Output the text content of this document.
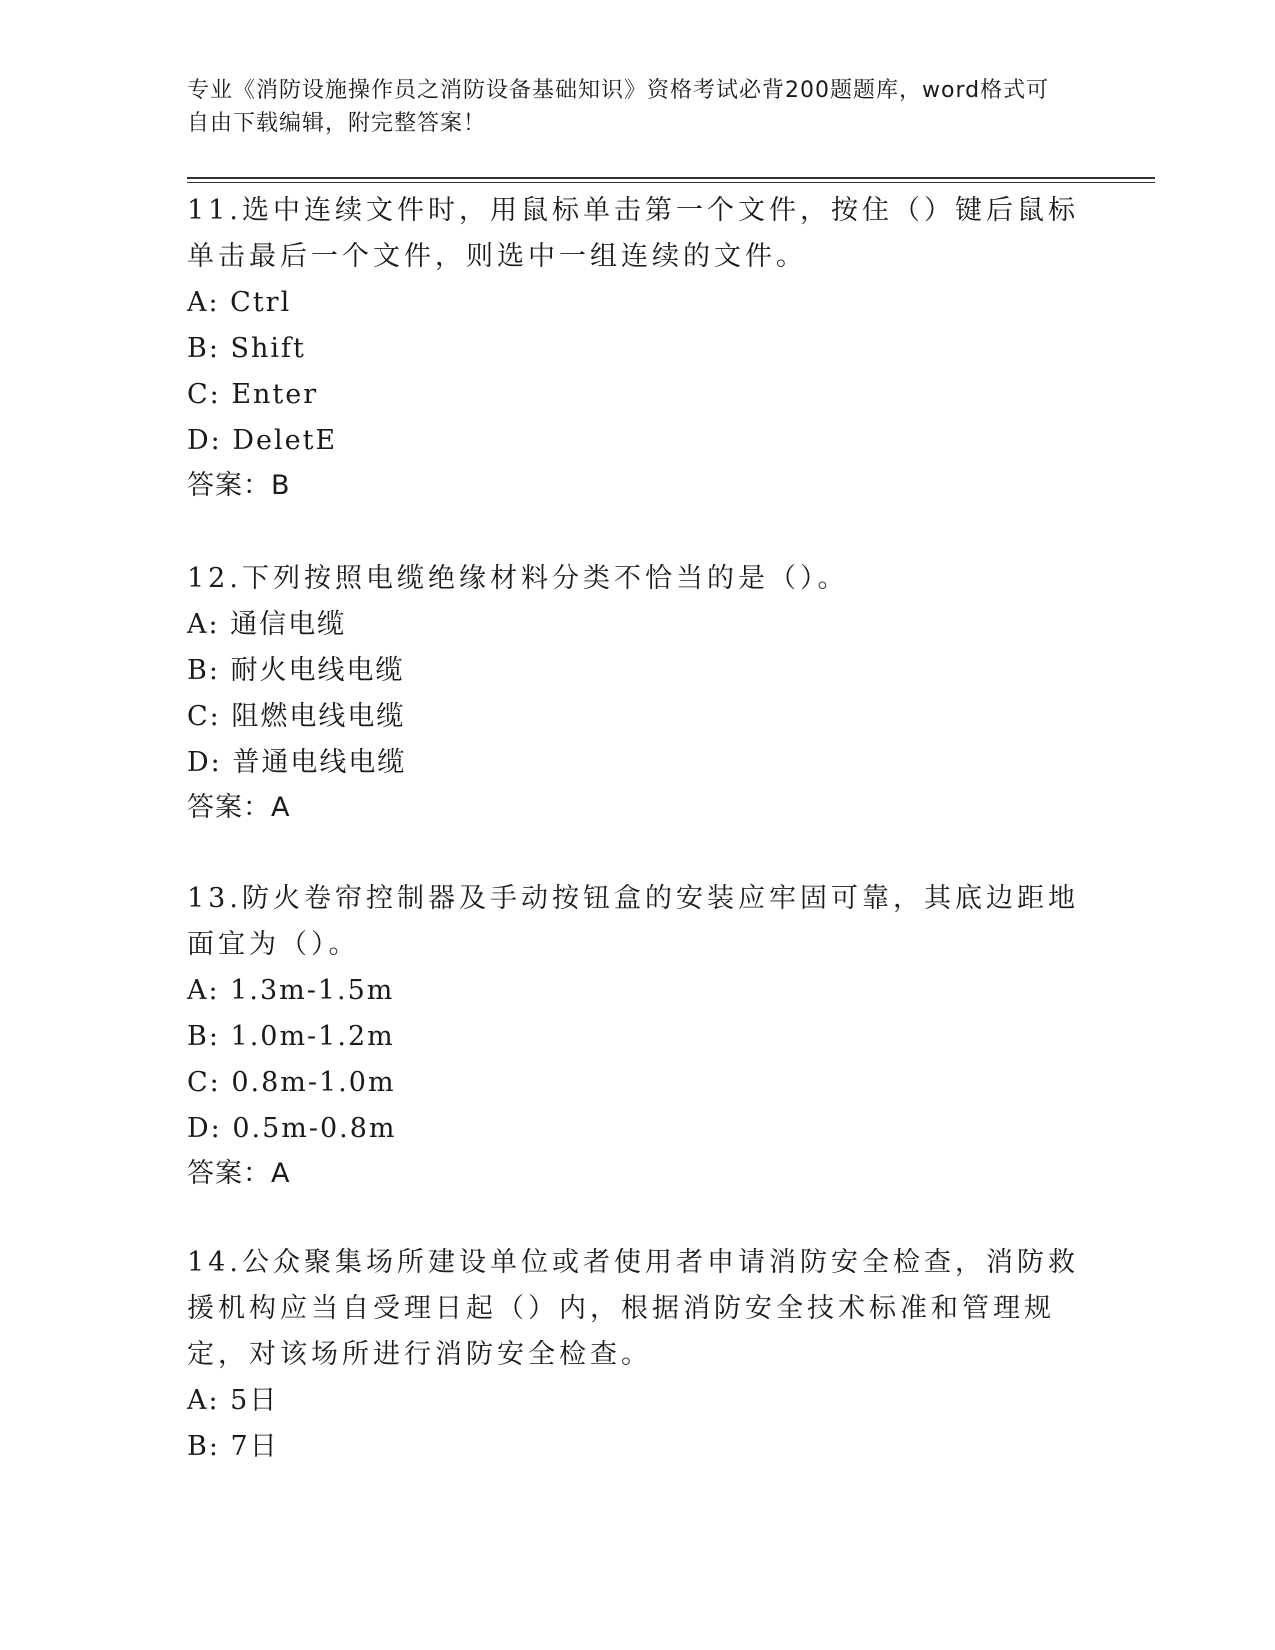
专业《消防设施操作员之消防设备基础知识》资格考试必背200题题库，word格式可自由下载编辑，附完整答案！

11.选中连续文件时，用鼠标单击第一个文件，按住（）键后鼠标单击最后一个文件，则选中一组连续的文件。

A: Ctrl

B: Shift

C: Enter

D: DeletE

答案：B

12.下列按照电缆绝缘材料分类不恰当的是（）。

A: 通信电缆

B: 耐火电线电缆

C: 阻燃电线电缆

D: 普通电线电缆

答案：A

13.防火卷帘控制器及手动按钮盒的安装应牢固可靠，其底边距地面宜为（）。

A: 1.3m-1.5m

B: 1.0m-1.2m

C: 0.8m-1.0m

D: 0.5m-0.8m

答案：A

14.公众聚集场所建设单位或者使用者申请消防安全检查，消防救援机构应当自受理日起（）内，根据消防安全技术标准和管理规定，对该场所进行消防安全检查。

A: 5日

B: 7日
